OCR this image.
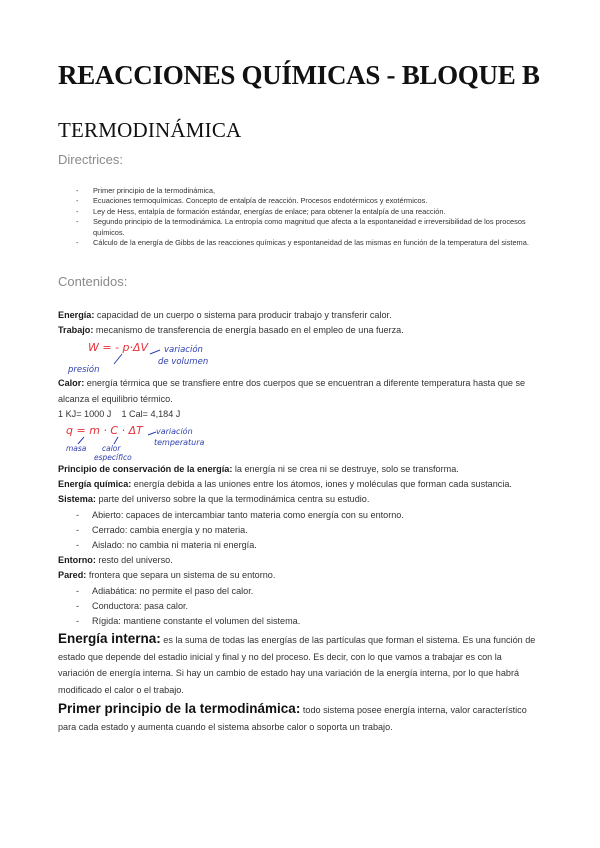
REACCIONES QUÍMICAS - BLOQUE B
TERMODINÁMICA
Directrices:
- Primer principio de la termodinámica,
- Ecuaciones termoquímicas. Concepto de entalpía de reacción. Procesos endotérmicos y exotérmicos.
- Ley de Hess, entalpía de formación estándar, energías de enlace; para obtener la entalpía de una reacción.
- Segundo principio de la termodinámica. La entropía como magnitud que afecta a la espontaneidad e irreversibilidad de los procesos químicos.
- Cálculo de la energía de Gibbs de las reacciones químicas y espontaneidad de las mismas en función de la temperatura del sistema.
Contenidos:

Energía: capacidad de un cuerpo o sistema para producir trabajo y transferir calor.

Trabajo: mecanismo de transferencia de energía basado en el empleo de una fuerza.

W = - p·ΔV
presión
variación
de volumen

Calor: energía térmica que se transfiere entre dos cuerpos que se encuentran a diferente temperatura hasta que se alcanza el equilibrio térmico.

1 KJ= 1000 J    1 Cal= 4,184 J

q = m · C · ΔT
masa calor
específico
variación
temperatura

Principio de conservación de la energía: la energía ni se crea ni se destruye, solo se transforma.

Energía química: energía debida a las uniones entre los átomos, iones y moléculas que forman cada sustancia.

Sistema: parte del universo sobre la que la termodinámica centra su estudio.

- Abierto: capaces de intercambiar tanto materia como energía con su entorno.
- Cerrado: cambia energía y no materia.
- Aislado: no cambia ni materia ni energía.

Entorno: resto del universo.

Pared: frontera que separa un sistema de su entorno.

- Adiabática: no permite el paso del calor.
- Conductora: pasa calor.
- Rígida: mantiene constante el volumen del sistema.

Energía interna: es la suma de todas las energías de las partículas que forman el sistema. Es una función de estado que depende del estadio inicial y final y no del proceso. Es decir, con lo que vamos a trabajar es con la variación de energía interna. Si hay un cambio de estado hay una variación de la energía interna, por lo que habrá modificado el calor o el trabajo.

Primer principio de la termodinámica: todo sistema posee energía interna, valor característico para cada estado y aumenta cuando el sistema absorbe calor o soporta un trabajo.
